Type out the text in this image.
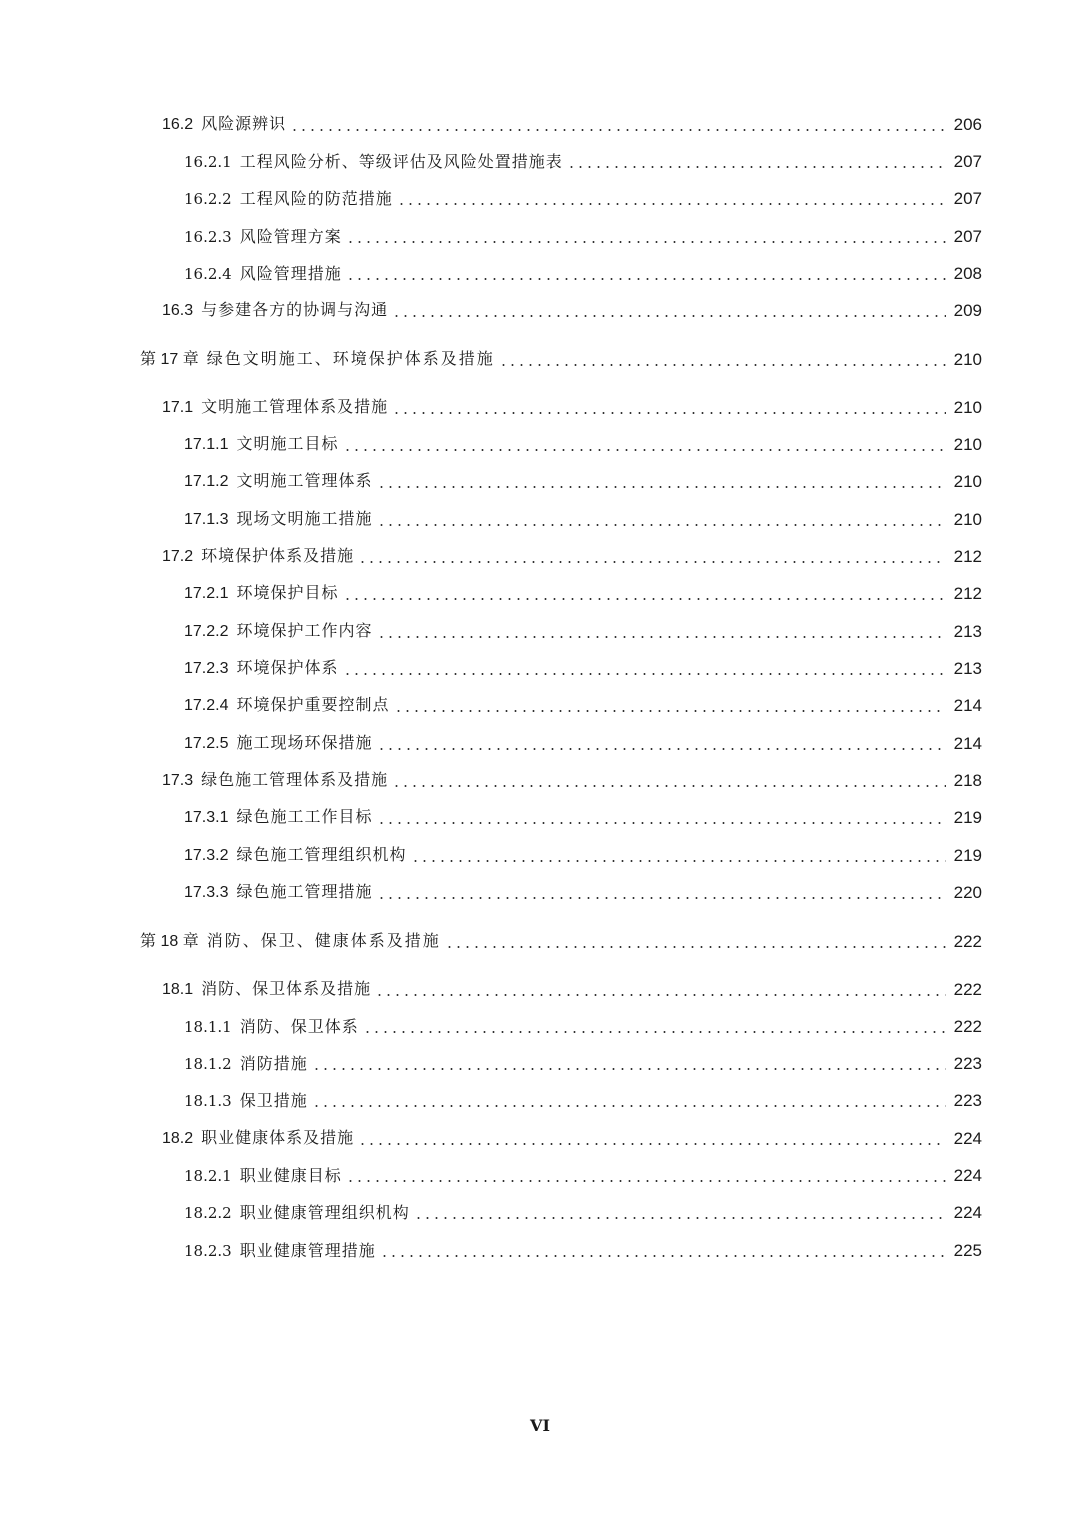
16.2 风险源辨识	206
16.2.1 工程风险分析、等级评估及风险处置措施表	207
16.2.2 工程风险的防范措施	207
16.2.3 风险管理方案	207
16.2.4 风险管理措施	208
16.3 与参建各方的协调与沟通	209
第 17 章 绿色文明施工、环境保护体系及措施	210
17.1 文明施工管理体系及措施	210
17.1.1 文明施工目标	210
17.1.2 文明施工管理体系	210
17.1.3 现场文明施工措施	210
17.2 环境保护体系及措施	212
17.2.1 环境保护目标	212
17.2.2 环境保护工作内容	213
17.2.3 环境保护体系	213
17.2.4 环境保护重要控制点	214
17.2.5 施工现场环保措施	214
17.3 绿色施工管理体系及措施	218
17.3.1 绿色施工工作目标	219
17.3.2 绿色施工管理组织机构	219
17.3.3 绿色施工管理措施	220
第 18 章 消防、保卫、健康体系及措施	222
18.1 消防、保卫体系及措施	222
18.1.1 消防、保卫体系	222
18.1.2 消防措施	223
18.1.3 保卫措施	223
18.2 职业健康体系及措施	224
18.2.1 职业健康目标	224
18.2.2 职业健康管理组织机构	224
18.2.3 职业健康管理措施	225
VI
